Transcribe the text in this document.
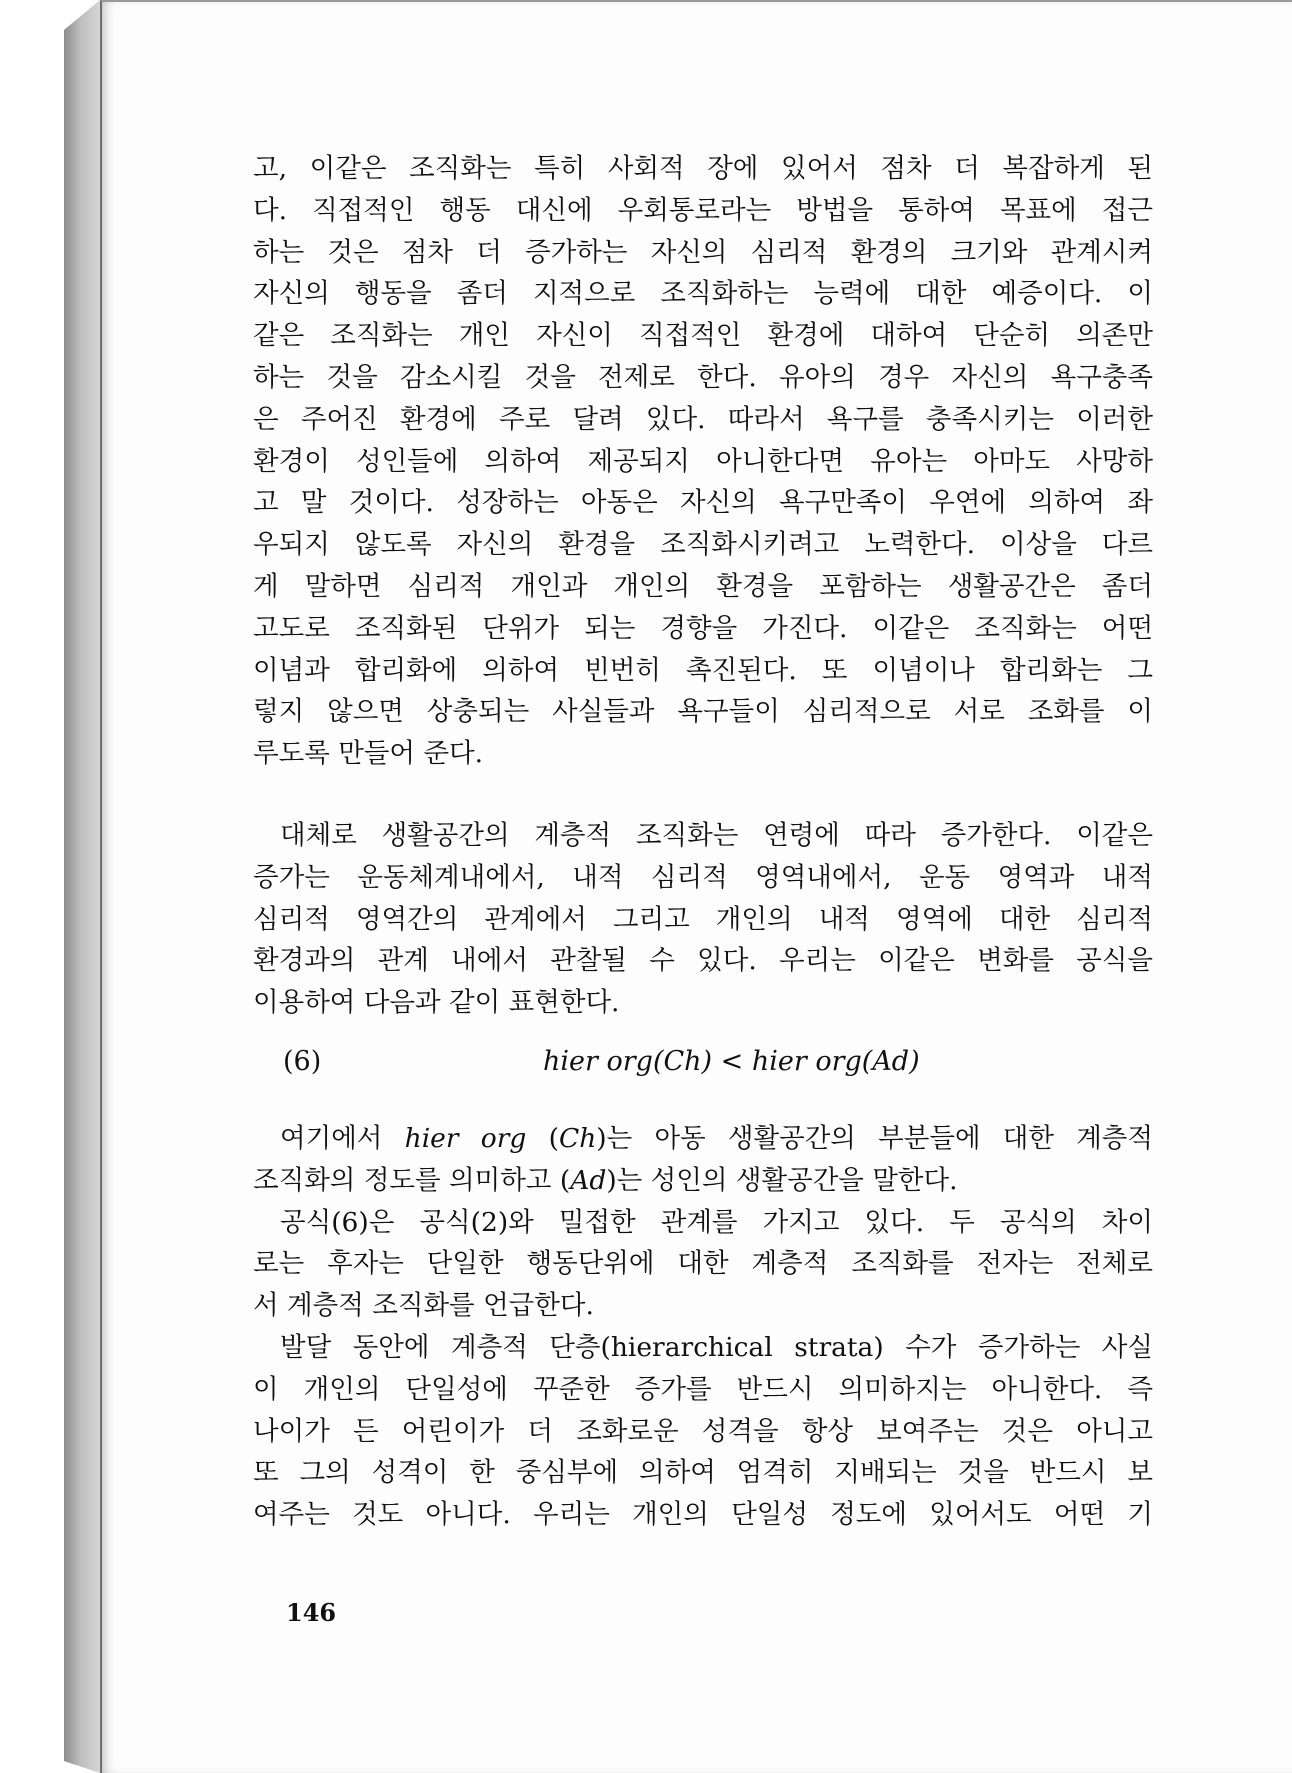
고, 이같은 조직화는 특히 사회적 장에 있어서 점차 더 복잡하게 된
다. 직접적인 행동 대신에 우회통로라는 방법을 통하여 목표에 접근
하는 것은 점차 더 증가하는 자신의 심리적 환경의 크기와 관계시켜
자신의 행동을 좀더 지적으로 조직화하는 능력에 대한 예증이다. 이
같은 조직화는 개인 자신이 직접적인 환경에 대하여 단순히 의존만
하는 것을 감소시킬 것을 전제로 한다. 유아의 경우 자신의 욕구충족
은 주어진 환경에 주로 달려 있다. 따라서 욕구를 충족시키는 이러한
환경이 성인들에 의하여 제공되지 아니한다면 유아는 아마도 사망하
고 말 것이다. 성장하는 아동은 자신의 욕구만족이 우연에 의하여 좌
우되지 않도록 자신의 환경을 조직화시키려고 노력한다. 이상을 다르
게 말하면 심리적 개인과 개인의 환경을 포함하는 생활공간은 좀더
고도로 조직화된 단위가 되는 경향을 가진다. 이같은 조직화는 어떤
이념과 합리화에 의하여 빈번히 촉진된다. 또 이념이나 합리화는 그
렇지 않으면 상충되는 사실들과 욕구들이 심리적으로 서로 조화를 이
루도록 만들어 준다.
대체로 생활공간의 계층적 조직화는 연령에 따라 증가한다. 이같은
증가는 운동체계내에서, 내적 심리적 영역내에서, 운동 영역과 내적
심리적 영역간의 관계에서 그리고 개인의 내적 영역에 대한 심리적
환경과의 관계 내에서 관찰될 수 있다. 우리는 이같은 변화를 공식을
이용하여 다음과 같이 표현한다.
(6)	hier org(Ch) < hier org(Ad)
여기에서 hier org (Ch)는 아동 생활공간의 부분들에 대한 계층적
조직화의 정도를 의미하고 (Ad)는 성인의 생활공간을 말한다.
공식(6)은 공식(2)와 밀접한 관계를 가지고 있다. 두 공식의 차이
로는 후자는 단일한 행동단위에 대한 계층적 조직화를 전자는 전체로
서 계층적 조직화를 언급한다.
발달 동안에 계층적 단층(hierarchical strata) 수가 증가하는 사실
이 개인의 단일성에 꾸준한 증가를 반드시 의미하지는 아니한다. 즉
나이가 든 어린이가 더 조화로운 성격을 항상 보여주는 것은 아니고
또 그의 성격이 한 중심부에 의하여 엄격히 지배되는 것을 반드시 보
여주는 것도 아니다. 우리는 개인의 단일성 정도에 있어서도 어떤 기
146
